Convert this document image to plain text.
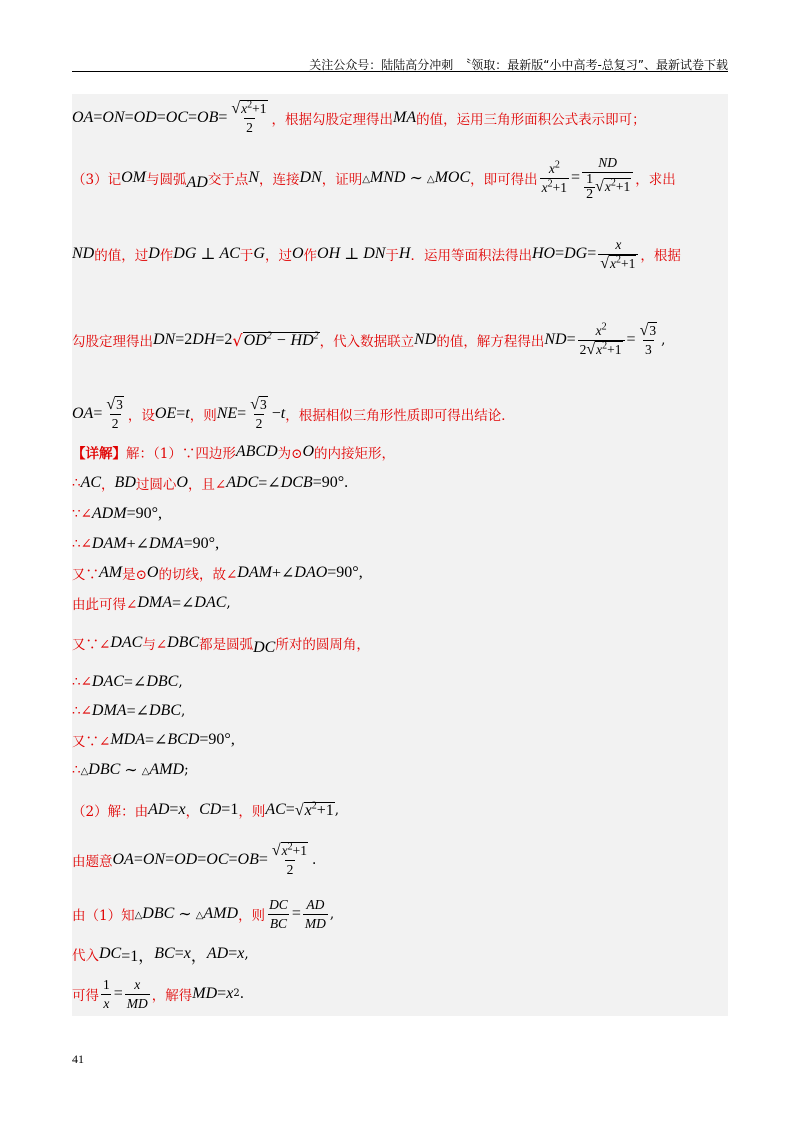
关注公众号：陆陆高分冲刺　〝领取：最新版“小中高考-总复习”、最新试卷下载
OA = ON = OD = OC = OB = $\frac{√ x^2+1}{2}$ ，根据勾股定理得出 MA 的值，运用三角形面积公式表示即可；
（3）记 OM 与圆弧 AD 交于点 N ，连接 DN ，证明 △MND ∼ △MOC ，即可得出 $\frac{x^2}{x^2+1} = \frac{ND}{\frac{1}{2} √ x^2+1}$ ，求出
ND 的值，过 D 作 DG ⊥ AC 于 G ，过 O 作 OH ⊥ DN 于 H ．运用等面积法得出 HO = DG = $\frac{x}{√ x^2+1}$ ，根据
勾股定理得出 DN =2 DH =2 √ $OD^2 - HD^2$ ，代入数据联立 ND 的值，解方程得出 ND = $\frac{x^2}{2 √ x^2+1} = \frac{√ 3}{3}$ ,
OA = $\frac{√ 3}{2}$ ，设 OE = t ，则 NE = $\frac{√ 3}{2} - t$ ，根据相似三角形性质即可得出结论．
【详解】 解：（1）∵四边形 ABCD 为⊙ O 的内接矩形，
∴ AC ， BD 过圆心 O ，且∠ ADC =∠ DCB =90°.
∵∠ ADM =90°,
∴∠ DAM +∠ DMA =90°,
又∵ AM 是⊙ O 的切线，故∠ DAM +∠ DAO =90°,
由此可得∠ DMA =∠ DAC ,
又∵∠ DAC 与∠ DBC 都是圆弧 DC 所对的圆周角，
∴∠ DAC =∠ DBC ,
∴∠ DMA =∠ DBC ,
又∵∠ MDA =∠ BCD =90°,
∴ △DBC ∼ △AMD ;
（2）解：由 AD = x ， CD =1 ，则 AC = √ $x^2+1$ ,
由题意 OA = ON = OD = OC = OB = $\frac{√ x^2+1}{2}$ .
由（1）知 △DBC ∼ △AMD ，则 $\frac{DC}{BC} = \frac{AD}{MD}$ ,
代入 DC =1， BC = x ， AD = x ,
可得 $\frac{1}{x} = \frac{x}{MD}$ ，解得 MD = x 2 .
41
